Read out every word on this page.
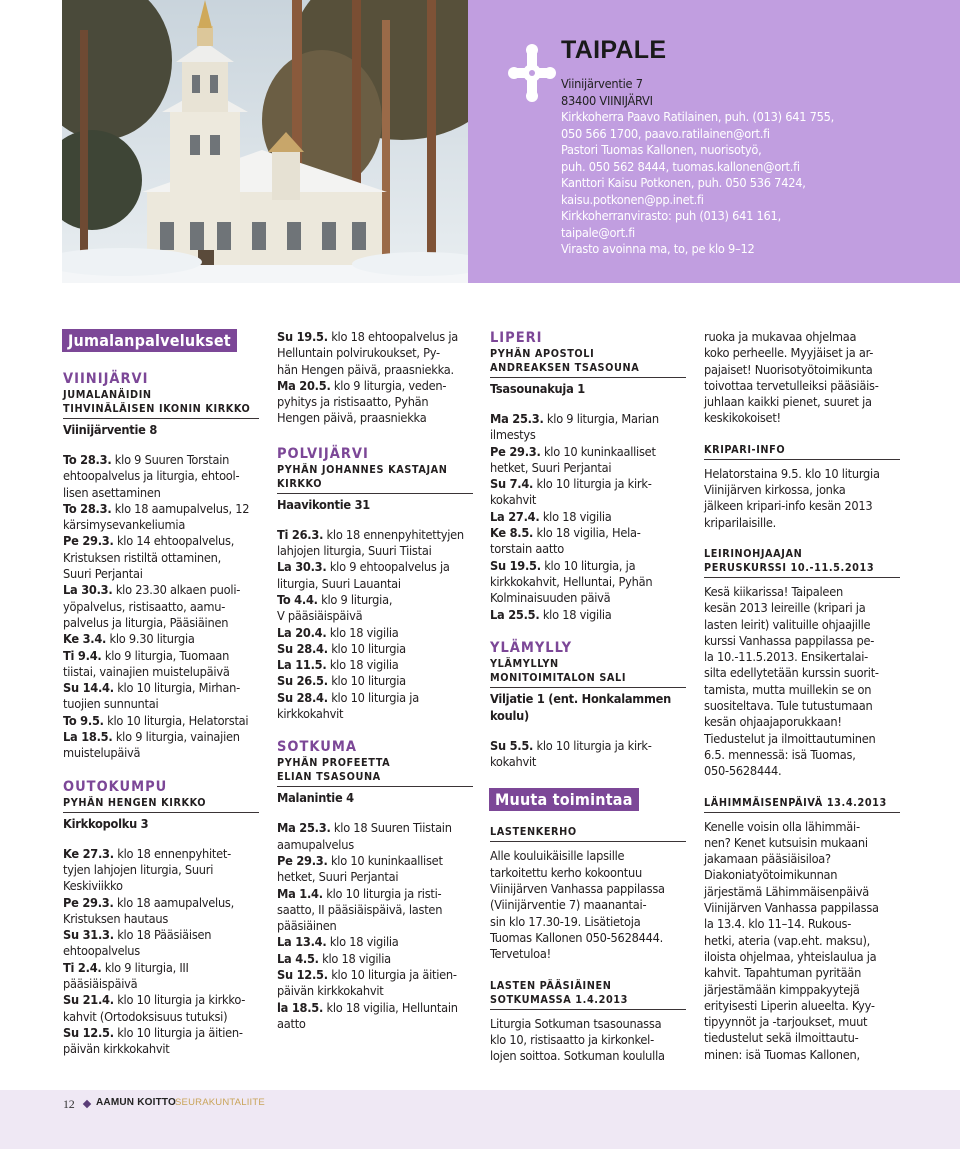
TAIPALE
Viinijärventie 7
83400 VIINIJÄRVI
Kirkkoherra Paavo Ratilainen, puh. (013) 641 755,
050 566 1700, paavo.ratilainen@ort.fi
Pastori Tuomas Kallonen, nuorisotyö,
puh. 050 562 8444, tuomas.kallonen@ort.fi
Kanttori Kaisu Potkonen, puh. 050 536 7424,
kaisu.potkonen@pp.inet.fi
Kirkkoherranvirasto: puh (013) 641 161,
taipale@ort.fi
Virasto avoinna ma, to, pe klo 9–12
Jumalanpalvelukset
VIINIJÄRVI
JUMALANÄIDIN
TIHVINÄLÄISEN IKONIN KIRKKO
Viinijärventie 8

To 28.3. klo 9 Suuren Torstain

ehtoopalvelus ja liturgia, ehtool-

lisen asettaminen

To 28.3. klo 18 aamupalvelus, 12

kärsimysevankeliumia

Pe 29.3. klo 14 ehtoopalvelus,

Kristuksen ristiltä ottaminen,

Suuri Perjantai

La 30.3. klo 23.30 alkaen puoli-

yöpalvelus, ristisaatto, aamu-

palvelus ja liturgia, Pääsiäinen

Ke 3.4. klo 9.30 liturgia

Ti 9.4. klo 9 liturgia, Tuomaan

tiistai, vainajien muistelupäivä

Su 14.4. klo 10 liturgia, Mirhan-

tuojien sunnuntai

To 9.5. klo 10 liturgia, Helatorstai

La 18.5. klo 9 liturgia, vainajien

muistelupäivä

OUTOKUMPU
PYHÄN HENGEN KIRKKO
Kirkkopolku 3

Ke 27.3. klo 18 ennenpyhitet-

tyjen lahjojen liturgia, Suuri

Keskiviikko

Pe 29.3. klo 18 aamupalvelus,

Kristuksen hautaus

Su 31.3. klo 18 Pääsiäisen

ehtoopalvelus

Ti 2.4. klo 9 liturgia, III

pääsiäispäivä

Su 21.4. klo 10 liturgia ja kirkko-

kahvit (Ortodoksisuus tutuksi)

Su 12.5. klo 10 liturgia ja äitien-

päivän kirkkokahvit

Su 19.5. klo 18 ehtoopalvelus ja

Helluntain polvirukoukset, Py-

hän Hengen päivä, praasniekka.

Ma 20.5. klo 9 liturgia, veden-

pyhitys ja ristisaatto, Pyhän

Hengen päivä, praasniekka

POLVIJÄRVI
PYHÄN JOHANNES KASTAJAN
KIRKKO
Haavikontie 31

Ti 26.3. klo 18 ennenpyhitettyjen

lahjojen liturgia, Suuri Tiistai

La 30.3. klo 9 ehtoopalvelus ja

liturgia, Suuri Lauantai

To 4.4. klo 9 liturgia,

V pääsiäispäivä

La 20.4. klo 18 vigilia

Su 28.4. klo 10 liturgia

La 11.5. klo 18 vigilia

Su 26.5. klo 10 liturgia

Su 28.4. klo 10 liturgia ja

kirkkokahvit

SOTKUMA
PYHÄN PROFEETTA
ELIAN TSASOUNA
Malanintie 4

Ma 25.3. klo 18 Suuren Tiistain

aamupalvelus

Pe 29.3. klo 10 kuninkaalliset

hetket, Suuri Perjantai

Ma 1.4. klo 10 liturgia ja risti-

saatto, II pääsiäispäivä, lasten

pääsiäinen

La 13.4. klo 18 vigilia

La 4.5. klo 18 vigilia

Su 12.5. klo 10 liturgia ja äitien-

päivän kirkkokahvit

la 18.5. klo 18 vigilia, Helluntain

aatto

LIPERI
PYHÄN APOSTOLI
ANDREAKSEN TSASOUNA
Tsasounakuja 1

Ma 25.3. klo 9 liturgia, Marian

ilmestys

Pe 29.3. klo 10 kuninkaalliset

hetket, Suuri Perjantai

Su 7.4. klo 10 liturgia ja kirk-

kokahvit

La 27.4. klo 18 vigilia

Ke 8.5. klo 18 vigilia, Hela-

torstain aatto

Su 19.5. klo 10 liturgia, ja

kirkkokahvit, Helluntai, Pyhän

Kolminaisuuden päivä

La 25.5. klo 18 vigilia

YLÄMYLLY
YLÄMYLLYN
MONITOIMITALON SALI
Viljatie 1 (ent. Honkalammen
koulu)

Su 5.5. klo 10 liturgia ja kirk-

kokahvit

Muuta toimintaa
LASTENKERHO

Alle kouluikäisille lapsille

tarkoitettu kerho kokoontuu

Viinijärven Vanhassa pappilassa

(Viinijärventie 7) maanantai-

sin klo 17.30-19. Lisätietoja

Tuomas Kallonen 050-5628444.

Tervetuloa!

LASTEN PÄÄSIÄINEN
SOTKUMASSA 1.4.2013

Liturgia Sotkuman tsasounassa

klo 10, ristisaatto ja kirkonkel-

lojen soittoa. Sotkuman koululla

ruoka ja mukavaa ohjelmaa

koko perheelle. Myyjäiset ja ar-

pajaiset! Nuorisotyötoimikunta

toivottaa tervetulleiksi pääsiäis-

juhlaan kaikki pienet, suuret ja

keskikokoiset!

KRIPARI-INFO

Helatorstaina 9.5. klo 10 liturgia

Viinijärven kirkossa, jonka

jälkeen kripari-info kesän 2013

kriparilaisille.

LEIRINOHJAAJAN
PERUSKURSSI 10.-11.5.2013

Kesä kiikarissa! Taipaleen

kesän 2013 leireille (kripari ja

lasten leirit) valituille ohjaajille

kurssi Vanhassa pappilassa pe-

la 10.-11.5.2013. Ensikertalai-

silta edellytetään kurssin suorit-

tamista, mutta muillekin se on

suositeltava. Tule tutustumaan

kesän ohjaajaporukkaan!

Tiedustelut ja ilmoittautuminen

6.5. mennessä: isä Tuomas,

050-5628444.

LÄHIMMÄISENPÄIVÄ 13.4.2013

Kenelle voisin olla lähimmäi-

nen? Kenet kutsuisin mukaani

jakamaan pääsiäisiloa?

Diakoniatyötoimikunnan

järjestämä Lähimmäisenpäivä

Viinijärven Vanhassa pappilassa

la 13.4. klo 11–14. Rukous-

hetki, ateria (vap.eht. maksu),

iloista ohjelmaa, yhteislaulua ja

kahvit. Tapahtuman pyritään

järjestämään kimppakyytejä

erityisesti Liperin alueelta. Kyy-

tipyynnöt ja -tarjoukset, muut

tiedustelut sekä ilmoittautu-

minen: isä Tuomas Kallonen,

12 AAMUN KOITTO SEURAKUNTALIITE
